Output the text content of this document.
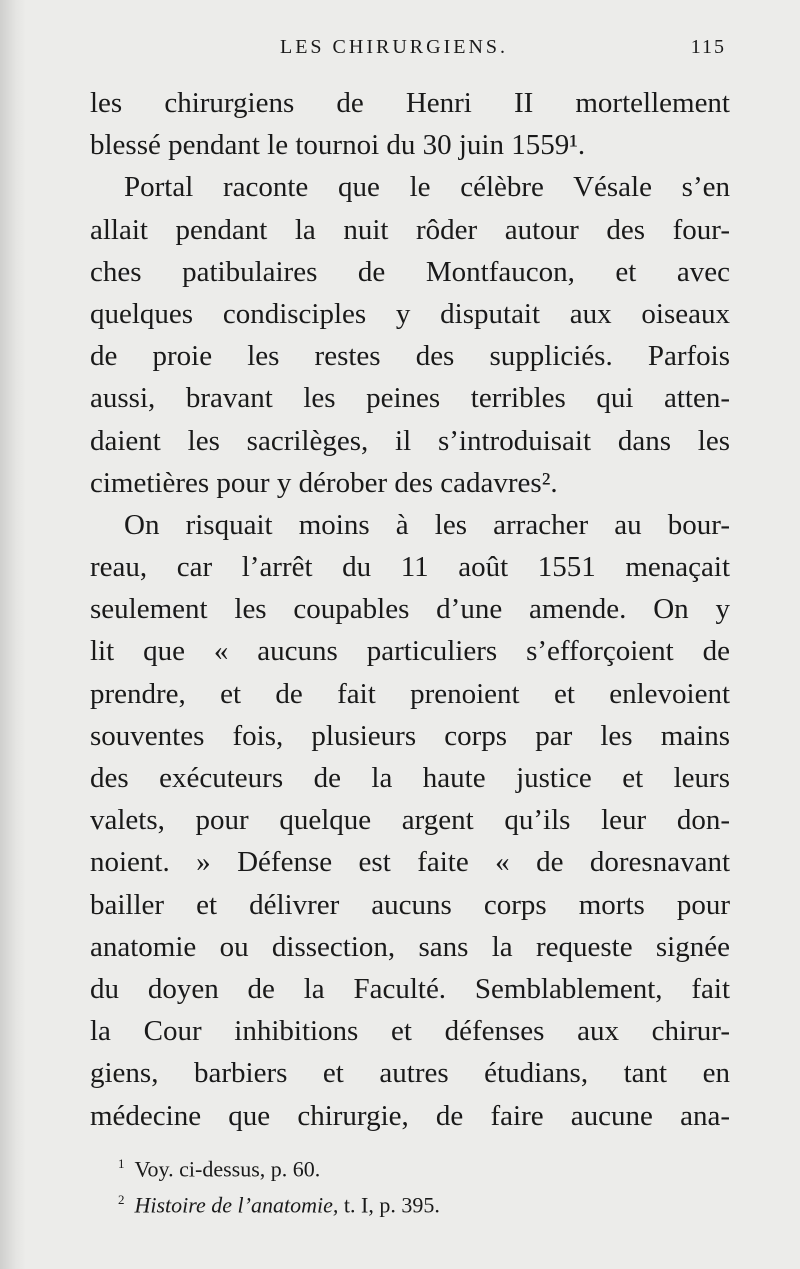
LES CHIRURGIENS.	115
les chirurgiens de Henri II mortellement
blessé pendant le tournoi du 30 juin 1559¹.
Portal raconte que le célèbre Vésale s’en
allait pendant la nuit rôder autour des four-
ches patibulaires de Montfaucon, et avec
quelques condisciples y disputait aux oiseaux
de proie les restes des suppliciés. Parfois
aussi, bravant les peines terribles qui atten-
daient les sacrilèges, il s’introduisait dans les
cimetières pour y dérober des cadavres².
On risquait moins à les arracher au bour-
reau, car l’arrêt du 11 août 1551 menaçait
seulement les coupables d’une amende. On y
lit que « aucuns particuliers s’efforçoient de
prendre, et de fait prenoient et enlevoient
souventes fois, plusieurs corps par les mains
des exécuteurs de la haute justice et leurs
valets, pour quelque argent qu’ils leur don-
noient. » Défense est faite « de doresnavant
bailler et délivrer aucuns corps morts pour
anatomie ou dissection, sans la requeste signée
du doyen de la Faculté. Semblablement, fait
la Cour inhibitions et défenses aux chirur-
giens, barbiers et autres étudians, tant en
médecine que chirurgie, de faire aucune ana-
$^1$ Voy. ci-dessus, p. 60.
$^2$ Histoire de l’anatomie, t. I, p. 395.
